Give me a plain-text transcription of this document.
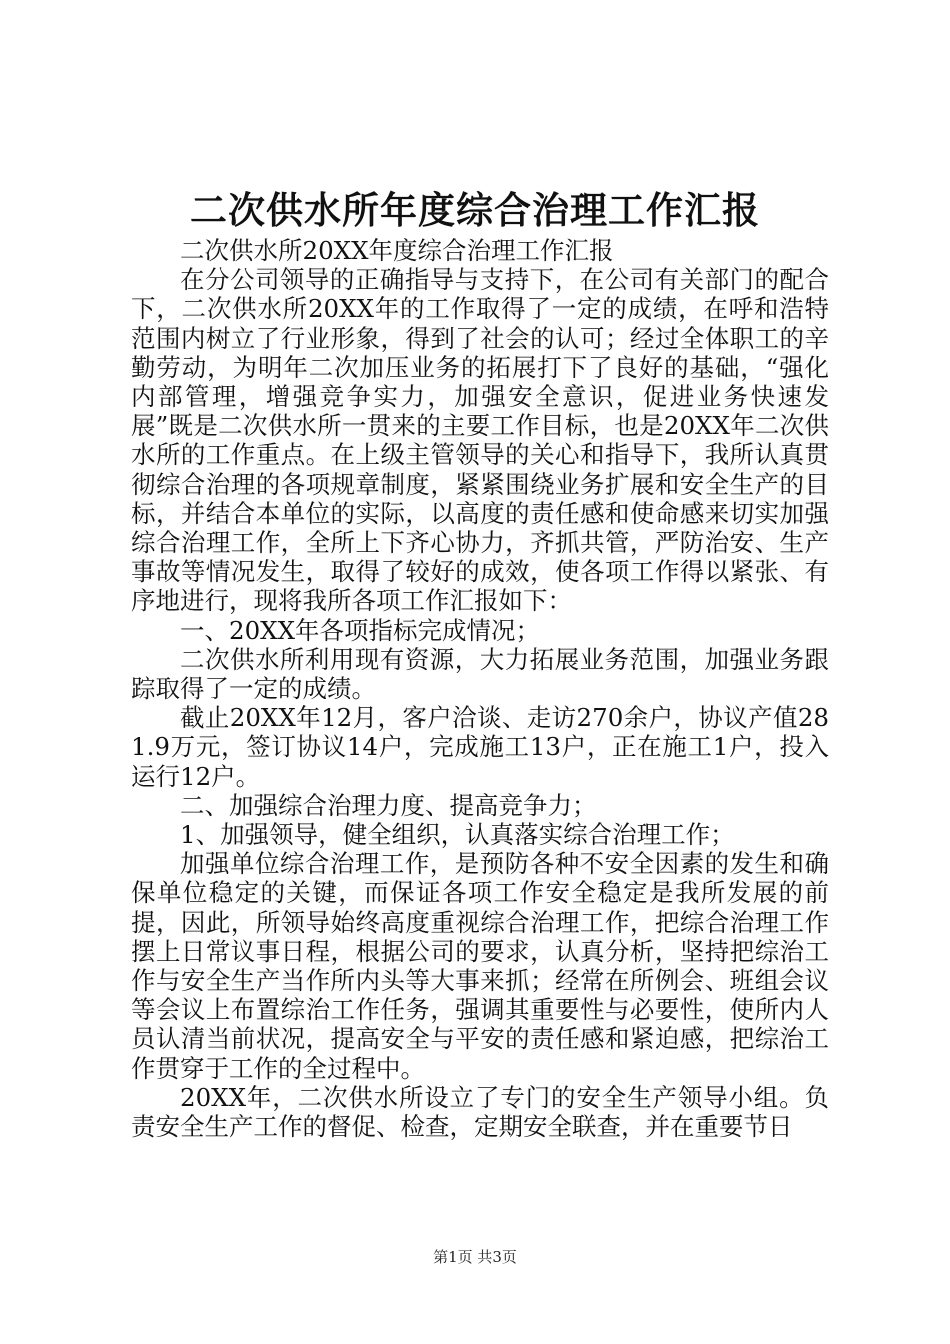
二次供水所年度综合治理工作汇报

二次供水所20XX年度综合治理工作汇报

在分公司领导的正确指导与支持下，在公司有关部门的配合下，二次供水所20XX年的工作取得了一定的成绩，在呼和浩特范围内树立了行业形象，得到了社会的认可；经过全体职工的辛勤劳动，为明年二次加压业务的拓展打下了良好的基础，“强化内部管理，增强竞争实力，加强安全意识，促进业务快速发展”既是二次供水所一贯来的主要工作目标，也是20XX年二次供水所的工作重点。在上级主管领导的关心和指导下，我所认真贯彻综合治理的各项规章制度，紧紧围绕业务扩展和安全生产的目标，并结合本单位的实际，以高度的责任感和使命感来切实加强综合治理工作，全所上下齐心协力，齐抓共管，严防治安、生产事故等情况发生，取得了较好的成效，使各项工作得以紧张、有序地进行，现将我所各项工作汇报如下：

一、20XX年各项指标完成情况；

二次供水所利用现有资源，大力拓展业务范围，加强业务跟踪取得了一定的成绩。

截止20XX年12月，客户洽谈、走访270余户，协议产值281.9万元，签订协议14户，完成施工13户，正在施工1户，投入运行12户。

二、加强综合治理力度、提高竞争力；

1、加强领导，健全组织，认真落实综合治理工作；

加强单位综合治理工作，是预防各种不安全因素的发生和确保单位稳定的关键，而保证各项工作安全稳定是我所发展的前提，因此，所领导始终高度重视综合治理工作，把综合治理工作摆上日常议事日程，根据公司的要求，认真分析，坚持把综治工作与安全生产当作所内头等大事来抓；经常在所例会、班组会议等会议上布置综治工作任务，强调其重要性与必要性，使所内人员认清当前状况，提高安全与平安的责任感和紧迫感，把综治工作贯穿于工作的全过程中。

20XX年，二次供水所设立了专门的安全生产领导小组。负责安全生产工作的督促、检查，定期安全联查，并在重要节日

第1页 共3页
